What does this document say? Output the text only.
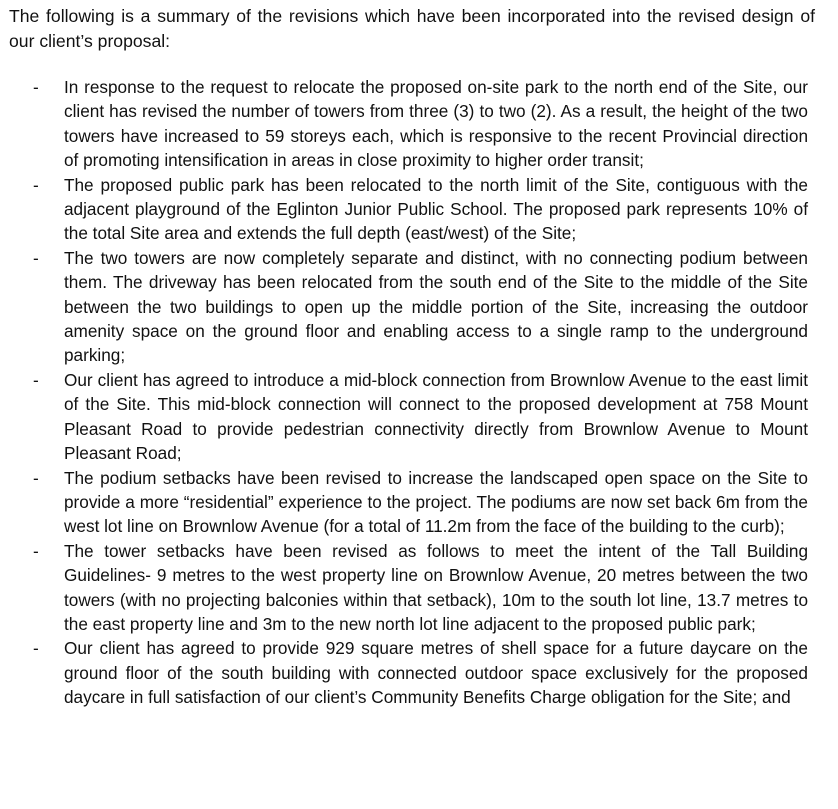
The following is a summary of the revisions which have been incorporated into the revised design of our client’s proposal:

- In response to the request to relocate the proposed on-site park to the north end of the Site, our client has revised the number of towers from three (3) to two (2). As a result, the height of the two towers have increased to 59 storeys each, which is responsive to the recent Provincial direction of promoting intensification in areas in close proximity to higher order transit;
- The proposed public park has been relocated to the north limit of the Site, contiguous with the adjacent playground of the Eglinton Junior Public School. The proposed park represents 10% of the total Site area and extends the full depth (east/west) of the Site;
- The two towers are now completely separate and distinct, with no connecting podium between them. The driveway has been relocated from the south end of the Site to the middle of the Site between the two buildings to open up the middle portion of the Site, increasing the outdoor amenity space on the ground floor and enabling access to a single ramp to the underground parking;
- Our client has agreed to introduce a mid-block connection from Brownlow Avenue to the east limit of the Site. This mid-block connection will connect to the proposed development at 758 Mount Pleasant Road to provide pedestrian connectivity directly from Brownlow Avenue to Mount Pleasant Road;
- The podium setbacks have been revised to increase the landscaped open space on the Site to provide a more “residential” experience to the project. The podiums are now set back 6m from the west lot line on Brownlow Avenue (for a total of 11.2m from the face of the building to the curb);
- The tower setbacks have been revised as follows to meet the intent of the Tall Building Guidelines- 9 metres to the west property line on Brownlow Avenue, 20 metres between the two towers (with no projecting balconies within that setback), 10m to the south lot line, 13.7 metres to the east property line and 3m to the new north lot line adjacent to the proposed public park;
- Our client has agreed to provide 929 square metres of shell space for a future daycare on the ground floor of the south building with connected outdoor space exclusively for the proposed daycare in full satisfaction of our client’s Community Benefits Charge obligation for the Site; and
